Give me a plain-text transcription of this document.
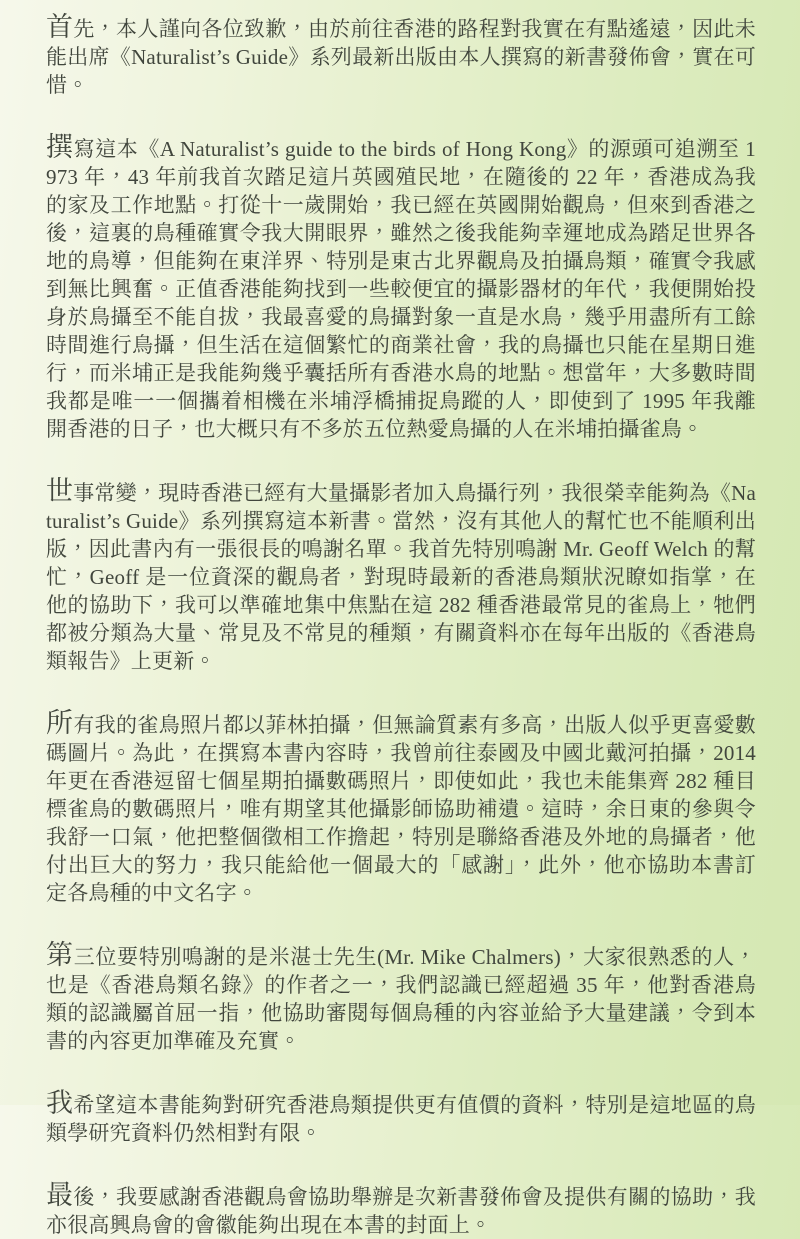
首先，本人謹向各位致歉，由於前往香港的路程對我實在有點遙遠，因此未能出席《Naturalist’s Guide》系列最新出版由本人撰寫的新書發佈會，實在可惜。

撰寫這本《A Naturalist’s guide to the birds of Hong Kong》的源頭可追溯至 1973 年，43 年前我首次踏足這片英國殖民地，在隨後的 22 年，香港成為我的家及工作地點。打從十一歲開始，我已經在英國開始觀鳥，但來到香港之後，這裏的鳥種確實令我大開眼界，雖然之後我能夠幸運地成為踏足世界各地的鳥導，但能夠在東洋界、特別是東古北界觀鳥及拍攝鳥類，確實令我感到無比興奮。正值香港能夠找到一些較便宜的攝影器材的年代，我便開始投身於鳥攝至不能自拔，我最喜愛的鳥攝對象一直是水鳥，幾乎用盡所有工餘時間進行鳥攝，但生活在這個繁忙的商業社會，我的鳥攝也只能在星期日進行，而米埔正是我能夠幾乎囊括所有香港水鳥的地點。想當年，大多數時間我都是唯一一個攜着相機在米埔浮橋捕捉鳥蹤的人，即使到了 1995 年我離開香港的日子，也大概只有不多於五位熱愛鳥攝的人在米埔拍攝雀鳥。

世事常變，現時香港已經有大量攝影者加入鳥攝行列，我很榮幸能夠為《Naturalist’s Guide》系列撰寫這本新書。當然，沒有其他人的幫忙也不能順利出版，因此書內有一張很長的鳴謝名單。我首先特別鳴謝 Mr. Geoff Welch 的幫忙，Geoff 是一位資深的觀鳥者，對現時最新的香港鳥類狀況瞭如指掌，在他的協助下，我可以準確地集中焦點在這 282 種香港最常見的雀鳥上，牠們都被分類為大量、常見及不常見的種類，有關資料亦在每年出版的《香港鳥類報告》上更新。

所有我的雀鳥照片都以菲林拍攝，但無論質素有多高，出版人似乎更喜愛數碼圖片。為此，在撰寫本書內容時，我曾前往泰國及中國北戴河拍攝，2014 年更在香港逗留七個星期拍攝數碼照片，即使如此，我也未能集齊 282 種目標雀鳥的數碼照片，唯有期望其他攝影師協助補遺。這時，余日東的參與令我舒一口氣，他把整個徵相工作擔起，特別是聯絡香港及外地的鳥攝者，他付出巨大的努力，我只能給他一個最大的「感謝」，此外，他亦協助本書訂定各鳥種的中文名字。

第三位要特別鳴謝的是米湛士先生(Mr. Mike Chalmers)，大家很熟悉的人，也是《香港鳥類名錄》的作者之一，我們認識已經超過 35 年，他對香港鳥類的認識屬首屈一指，他協助審閱每個鳥種的內容並給予大量建議，令到本書的內容更加準確及充實。

我希望這本書能夠對研究香港鳥類提供更有值價的資料，特別是這地區的鳥類學研究資料仍然相對有限。

最後，我要感謝香港觀鳥會協助舉辦是次新書發佈會及提供有關的協助，我亦很高興鳥會的會徽能夠出現在本書的封面上。
